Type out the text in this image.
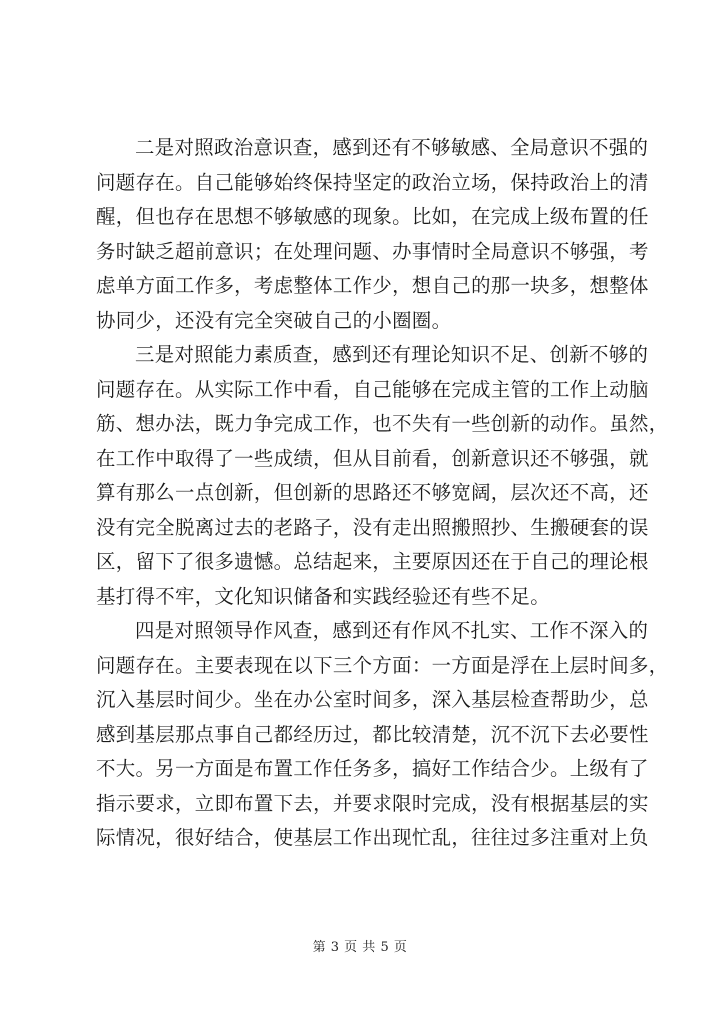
二是对照政治意识查，感到还有不够敏感、全局意识不强的
问题存在。自己能够始终保持坚定的政治立场，保持政治上的清
醒，但也存在思想不够敏感的现象。比如，在完成上级布置的任
务时缺乏超前意识；在处理问题、办事情时全局意识不够强，考
虑单方面工作多，考虑整体工作少，想自己的那一块多，想整体
协同少，还没有完全突破自己的小圈圈。

三是对照能力素质查，感到还有理论知识不足、创新不够的
问题存在。从实际工作中看，自己能够在完成主管的工作上动脑
筋、想办法，既力争完成工作，也不失有一些创新的动作。虽然，
在工作中取得了一些成绩，但从目前看，创新意识还不够强，就
算有那么一点创新，但创新的思路还不够宽阔，层次还不高，还
没有完全脱离过去的老路子，没有走出照搬照抄、生搬硬套的误
区，留下了很多遗憾。总结起来，主要原因还在于自己的理论根
基打得不牢，文化知识储备和实践经验还有些不足。

四是对照领导作风查，感到还有作风不扎实、工作不深入的
问题存在。主要表现在以下三个方面：一方面是浮在上层时间多，
沉入基层时间少。坐在办公室时间多，深入基层检查帮助少，总
感到基层那点事自己都经历过，都比较清楚，沉不沉下去必要性
不大。另一方面是布置工作任务多，搞好工作结合少。上级有了
指示要求，立即布置下去，并要求限时完成，没有根据基层的实
际情况，很好结合，使基层工作出现忙乱，往往过多注重对上负

第 3 页 共 5 页
